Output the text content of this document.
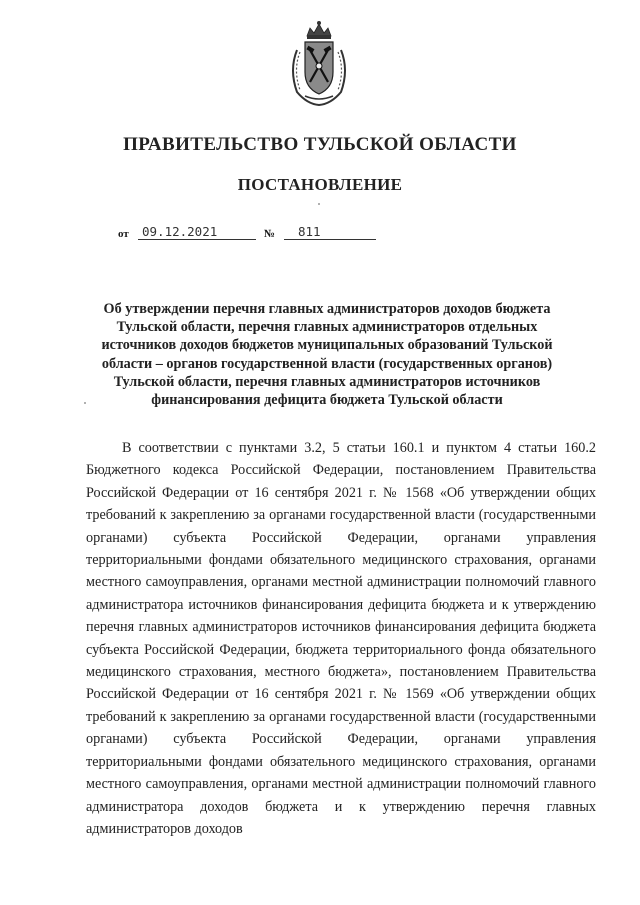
ПРАВИТЕЛЬСТВО ТУЛЬСКОЙ ОБЛАСТИ
ПОСТАНОВЛЕНИЕ
от 09.12.2021	№ 811
Об утверждении перечня главных администраторов доходов бюджета Тульской области, перечня главных администраторов отдельных источников доходов бюджетов муниципальных образований Тульской области – органов государственной власти (государственных органов) Тульской области, перечня главных администраторов источников финансирования дефицита бюджета Тульской области
В соответствии с пунктами 3.2, 5 статьи 160.1 и пунктом 4 статьи 160.2 Бюджетного кодекса Российской Федерации, постановлением Правительства Российской Федерации от 16 сентября 2021 г. № 1568 «Об утверждении общих требований к закреплению за органами государственной власти (государственными органами) субъекта Российской Федерации, органами управления территориальными фондами обязательного медицинского страхования, органами местного самоуправления, органами местной администрации полномочий главного администратора источников финансирования дефицита бюджета и к утверждению перечня главных администраторов источников финансирования дефицита бюджета субъекта Российской Федерации, бюджета территориального фонда обязательного медицинского страхования, местного бюджета», постановлением Правительства Российской Федерации от 16 сентября 2021 г. № 1569 «Об утверждении общих требований к закреплению за органами государственной власти (государственными органами) субъекта Российской Федерации, органами управления территориальными фондами обязательного медицинского страхования, органами местного самоуправления, органами местной администрации полномочий главного администратора доходов бюджета и к утверждению перечня главных администраторов доходов
